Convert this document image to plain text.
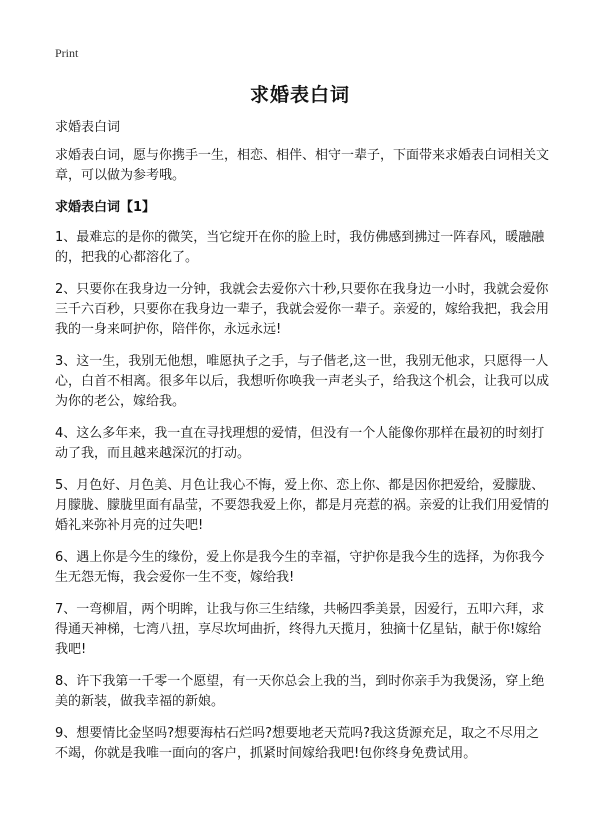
Print
求婚表白词

求婚表白词

求婚表白词，愿与你携手一生，相恋、相伴、相守一辈子，下面带来求婚表白词相关文章，可以做为参考哦。

求婚表白词【1】

1、最难忘的是你的微笑，当它绽开在你的脸上时，我仿佛感到拂过一阵春风，暖融融的，把我的心都溶化了。

2、只要你在我身边一分钟，我就会去爱你六十秒,只要你在我身边一小时，我就会爱你三千六百秒，只要你在我身边一辈子，我就会爱你一辈子。亲爱的，嫁给我把，我会用我的一身来呵护你，陪伴你，永远永远!

3、这一生，我别无他想，唯愿执子之手，与子偕老,这一世，我别无他求，只愿得一人心，白首不相离。很多年以后，我想听你唤我一声老头子，给我这个机会，让我可以成为你的老公，嫁给我。

4、这么多年来，我一直在寻找理想的爱情，但没有一个人能像你那样在最初的时刻打动了我，而且越来越深沉的打动。

5、月色好、月色美、月色让我心不悔，爱上你、恋上你、都是因你把爱给，爱朦胧、月朦胧、朦胧里面有晶莹，不要怨我爱上你，都是月亮惹的祸。亲爱的让我们用爱情的婚礼来弥补月亮的过失吧!

6、遇上你是今生的缘份，爱上你是我今生的幸福，守护你是我今生的选择，为你我今生无怨无悔，我会爱你一生不变，嫁给我!

7、一弯柳眉，两个明眸，让我与你三生结缘，共畅四季美景，因爱行，五叩六拜，求得通天神梯，七湾八扭，享尽坎坷曲折，终得九天揽月，独摘十亿星钻，献于你!嫁给我吧!

8、许下我第一千零一个愿望，有一天你总会上我的当，到时你亲手为我煲汤，穿上绝美的新装，做我幸福的新娘。

9、想要情比金坚吗?想要海枯石烂吗?想要地老天荒吗?我这货源充足，取之不尽用之不竭，你就是我唯一面向的客户，抓紧时间嫁给我吧!包你终身免费试用。
